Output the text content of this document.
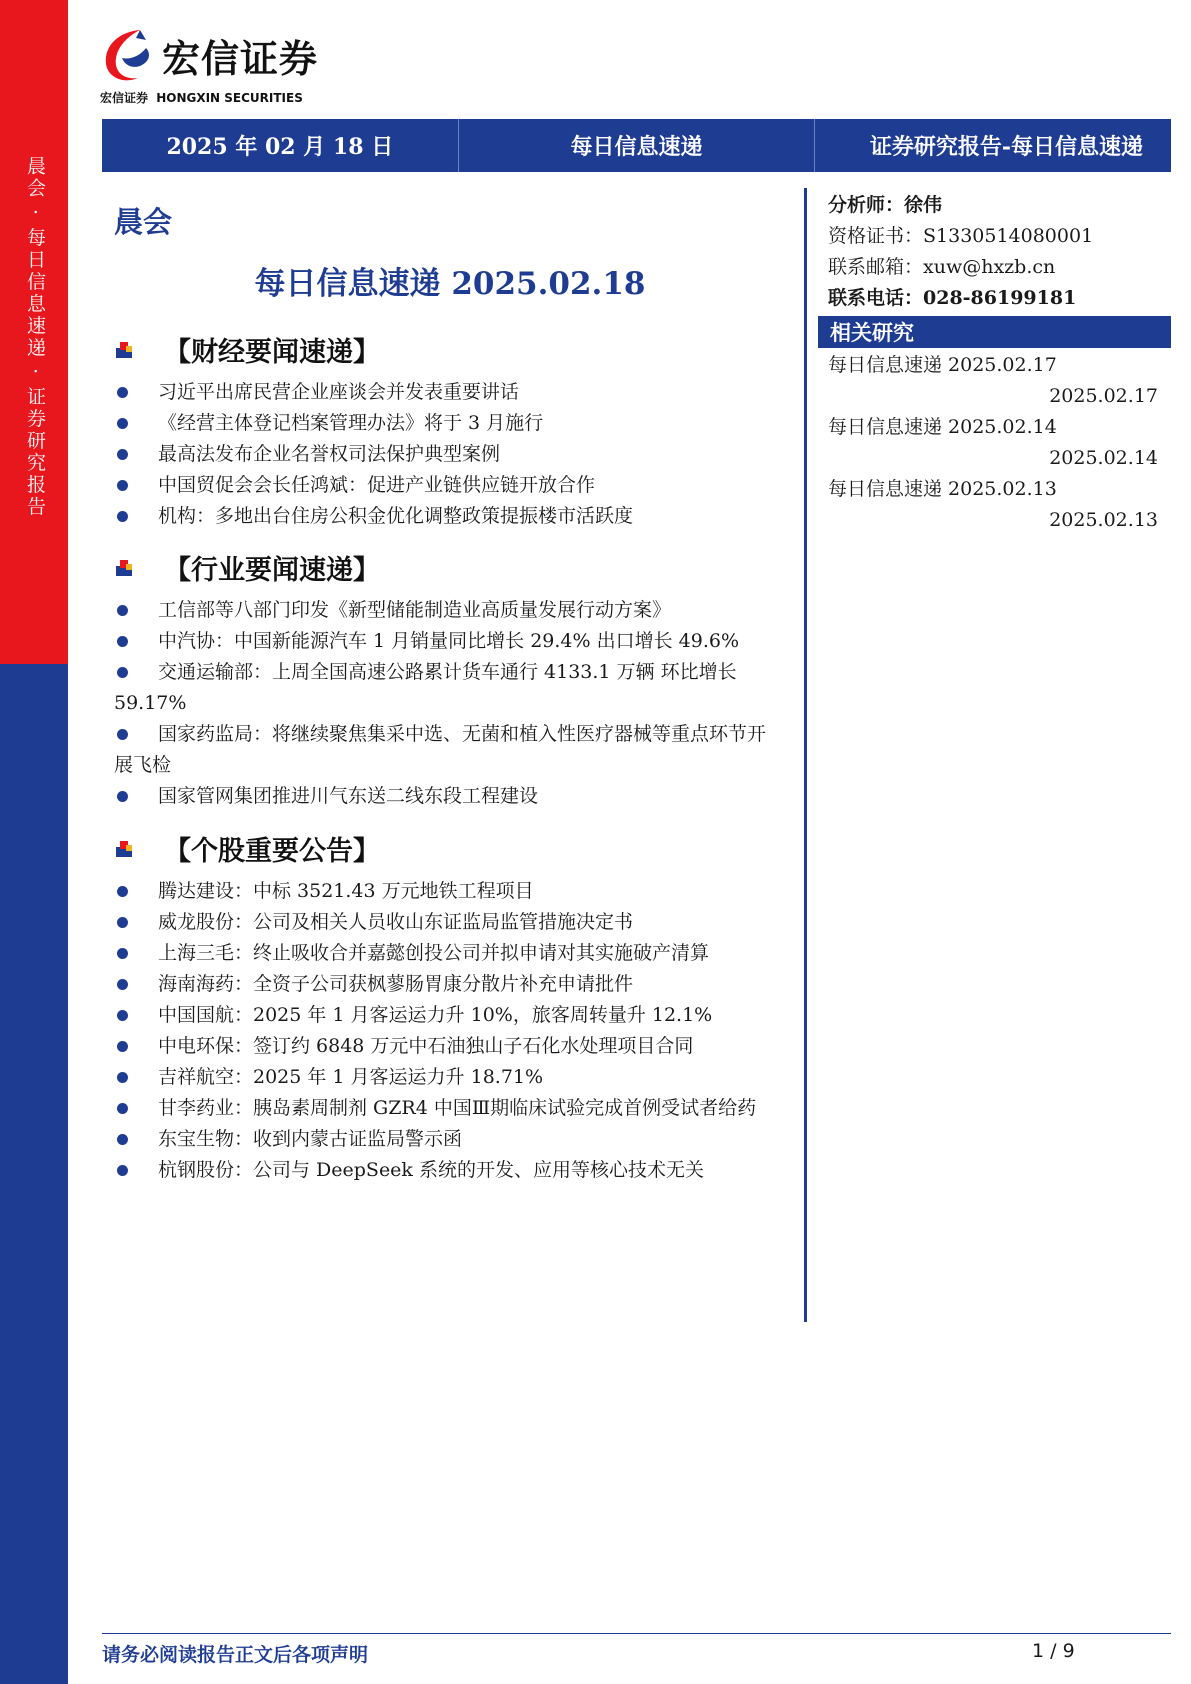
晨会 · 每日信息速递 · 证券研究报告
宏信证券
宏信证券 HONGXIN SECURITIES
2025 年 02 月 18 日	每日信息速递	证券研究报告-每日信息速递
晨会
每日信息速递 2025.02.18
【财经要闻速递】
习近平出席民营企业座谈会并发表重要讲话
《经营主体登记档案管理办法》将于 3 月施行
最高法发布企业名誉权司法保护典型案例
中国贸促会会长任鸿斌：促进产业链供应链开放合作
机构：多地出台住房公积金优化调整政策提振楼市活跃度
【行业要闻速递】
工信部等八部门印发《新型储能制造业高质量发展行动方案》
中汽协：中国新能源汽车 1 月销量同比增长 29.4% 出口增长 49.6%
交通运输部：上周全国高速公路累计货车通行 4133.1 万辆 环比增长 59.17%
国家药监局：将继续聚焦集采中选、无菌和植入性医疗器械等重点环节开展飞检
国家管网集团推进川气东送二线东段工程建设
【个股重要公告】
腾达建设：中标 3521.43 万元地铁工程项目
威龙股份：公司及相关人员收山东证监局监管措施决定书
上海三毛：终止吸收合并嘉懿创投公司并拟申请对其实施破产清算
海南海药：全资子公司获枫蓼肠胃康分散片补充申请批件
中国国航：2025 年 1 月客运运力升 10%，旅客周转量升 12.1%
中电环保：签订约 6848 万元中石油独山子石化水处理项目合同
吉祥航空：2025 年 1 月客运运力升 18.71%
甘李药业：胰岛素周制剂 GZR4 中国Ⅲ期临床试验完成首例受试者给药
东宝生物：收到内蒙古证监局警示函
杭钢股份：公司与 DeepSeek 系统的开发、应用等核心技术无关
分析师：徐伟
资格证书：S1330514080001
联系邮箱：xuw@hxzb.cn
联系电话：028-86199181
相关研究
每日信息速递 2025.02.17
2025.02.17
每日信息速递 2025.02.14
2025.02.14
每日信息速递 2025.02.13
2025.02.13
请务必阅读报告正文后各项声明	1 / 9
